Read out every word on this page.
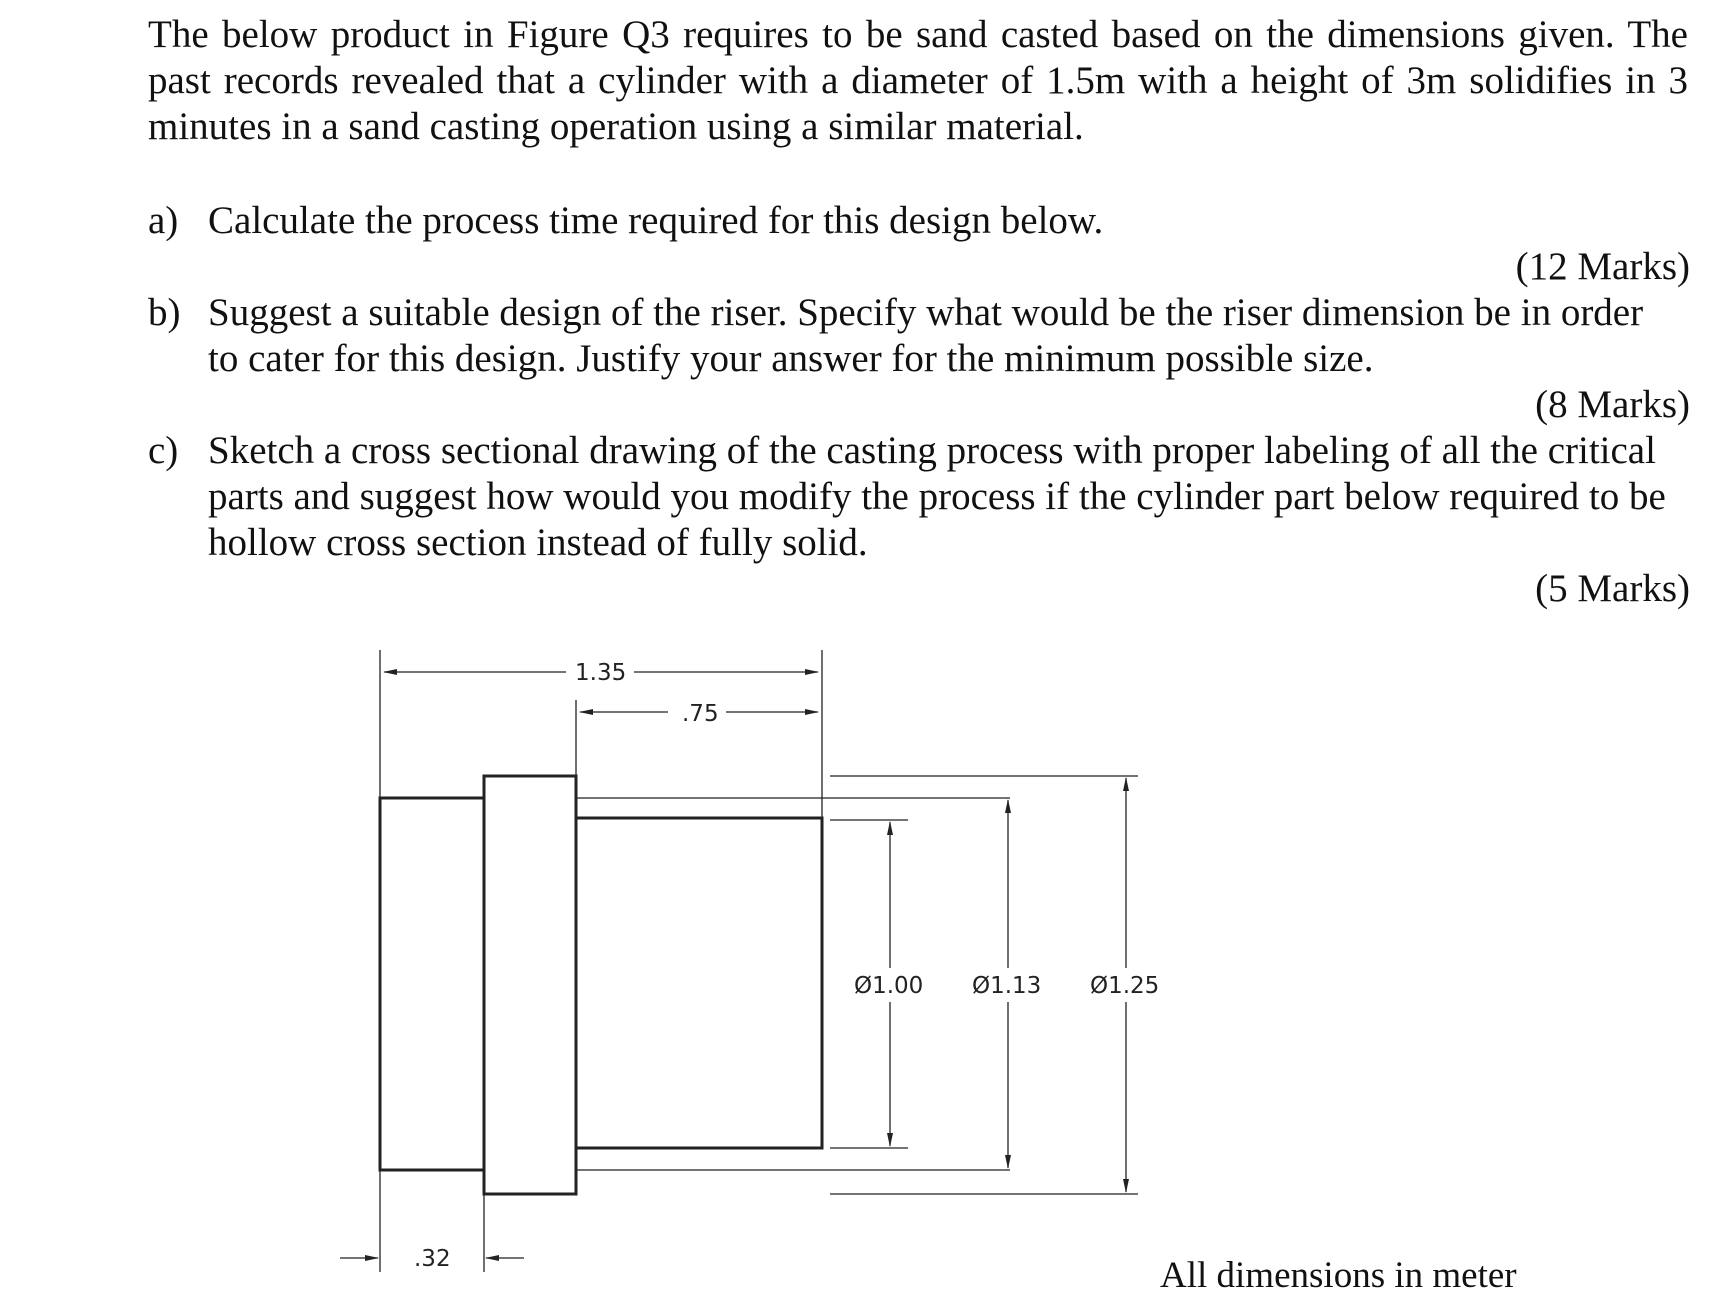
The below product in Figure Q3 requires to be sand casted based on the dimensions given. The past records revealed that a cylinder with a diameter of 1.5m with a height of 3m solidifies in 3 minutes in a sand casting operation using a similar material.
a) Calculate the process time required for this design below.
(12 Marks)
b) Suggest a suitable design of the riser. Specify what would be the riser dimension be in order
to cater for this design. Justify your answer for the minimum possible size.
(8 Marks)
c) Sketch a cross sectional drawing of the casting process with proper labeling of all the critical
parts and suggest how would you modify the process if the cylinder part below required to be
hollow cross section instead of fully solid.
(5 Marks)
1.35
.75
.32
Ø1.00 Ø1.13 Ø1.25
All dimensions in meter
